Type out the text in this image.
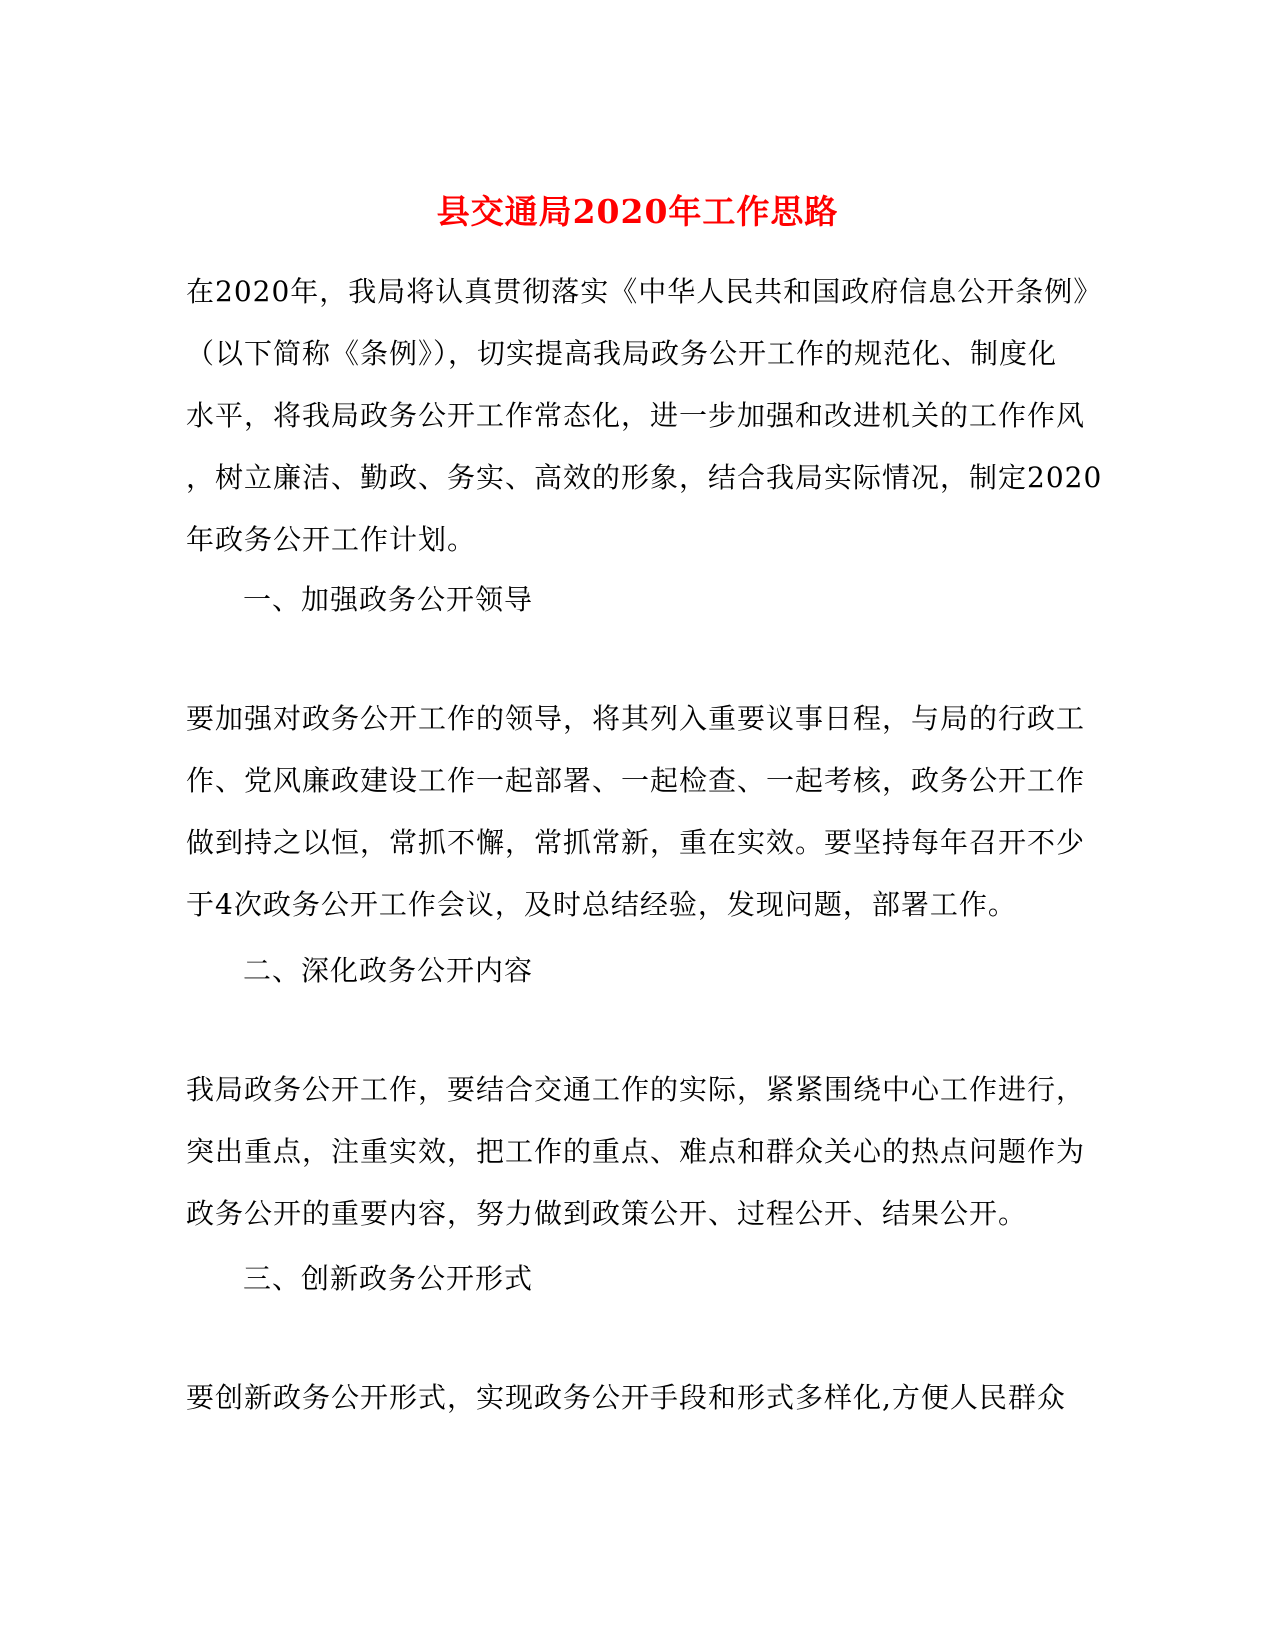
县交通局2020年工作思路
在2020年，我局将认真贯彻落实《中华人民共和国政府信息公开条例》
（以下简称《条例》），切实提高我局政务公开工作的规范化、制度化
水平，将我局政务公开工作常态化，进一步加强和改进机关的工作作风
，树立廉洁、勤政、务实、高效的形象，结合我局实际情况，制定2020
年政务公开工作计划。
一、加强政务公开领导
要加强对政务公开工作的领导，将其列入重要议事日程，与局的行政工
作、党风廉政建设工作一起部署、一起检查、一起考核，政务公开工作
做到持之以恒，常抓不懈，常抓常新，重在实效。要坚持每年召开不少
于4次政务公开工作会议，及时总结经验，发现问题，部署工作。
二、深化政务公开内容
我局政务公开工作，要结合交通工作的实际，紧紧围绕中心工作进行，
突出重点，注重实效，把工作的重点、难点和群众关心的热点问题作为
政务公开的重要内容，努力做到政策公开、过程公开、结果公开。
三、创新政务公开形式
要创新政务公开形式，实现政务公开手段和形式多样化,方便人民群众
